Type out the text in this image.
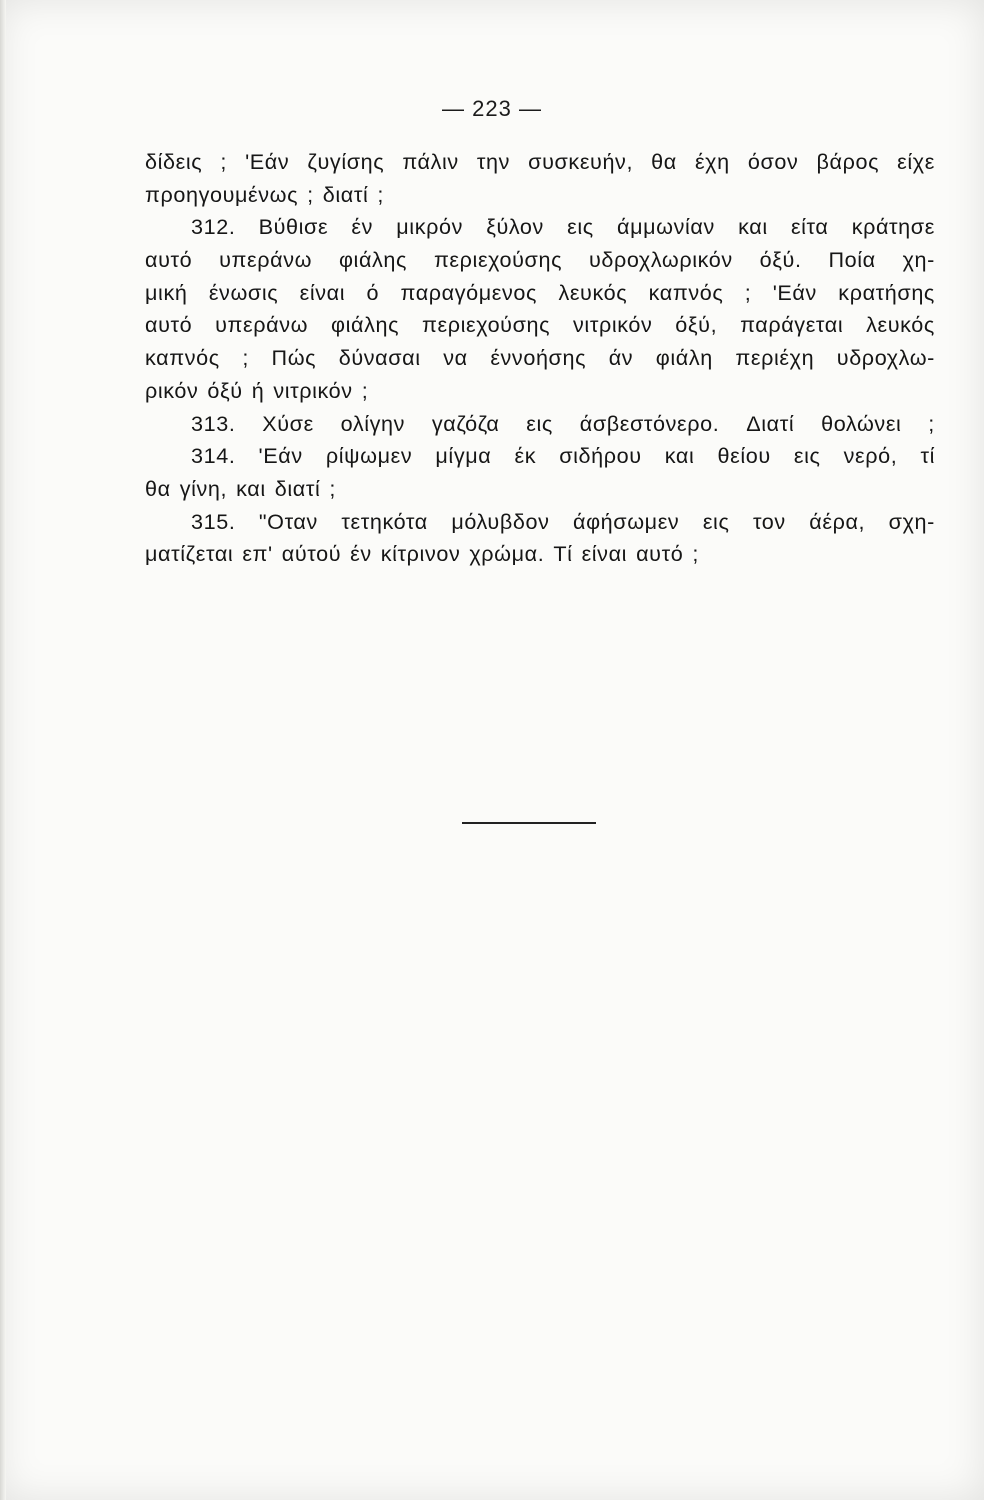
— 223 —
δίδεις ; 'Εάν ζυγίσης πάλιν την συσκευήν, θα έχη όσον βάρος είχε
προηγουμένως ; διατί ;
312. Βύθισε έν μικρόν ξύλον εις άμμωνίαν και είτα κράτησε
αυτό υπεράνω φιάλης περιεχούσης υδροχλωρικόν όξύ. Ποία χη-
μική ένωσις είναι ό παραγόμενος λευκός καπνός ; 'Εάν κρατήσης
αυτό υπεράνω φιάλης περιεχούσης νιτρικόν όξύ, παράγεται λευκός
καπνός ; Πώς δύνασαι να έννοήσης άν φιάλη περιέχη υδροχλω-
ρικόν όξύ ή νιτρικόν ;
313. Χύσε ολίγην γαζόζα εις άσβεστόνερο. Διατί θολώνει ;
314. 'Εάν ρίψωμεν μίγμα έκ σιδήρου και θείου εις νερό, τί
θα γίνη, και διατί ;
315. "Οταν τετηκότα μόλυβδον άφήσωμεν εις τον άέρα, σχη-
ματίζεται επ' αύτού έν κίτρινον χρώμα. Τί είναι αυτό ;
